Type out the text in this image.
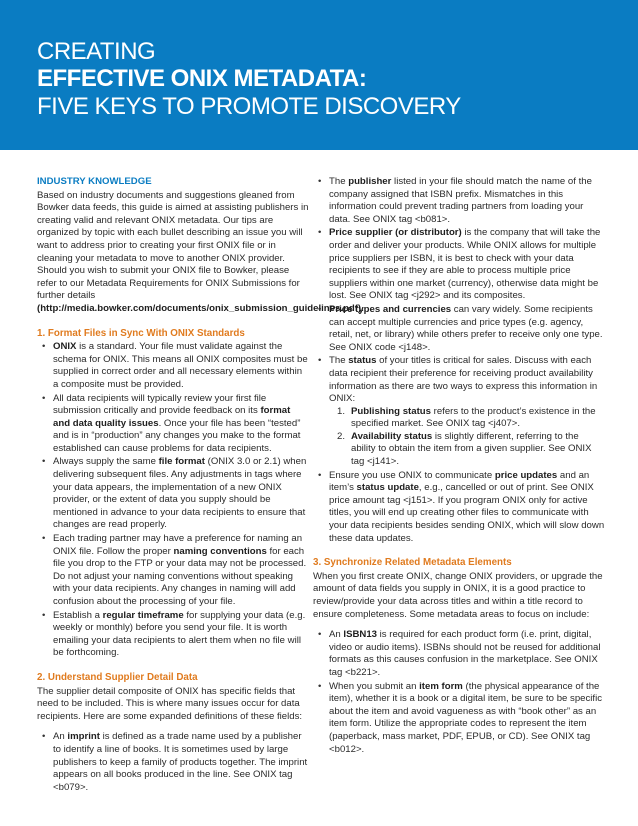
CREATING
EFFECTIVE ONIX METADATA:
FIVE KEYS TO PROMOTE DISCOVERY
INDUSTRY KNOWLEDGE

Based on industry documents and suggestions gleaned from Bowker data feeds, this guide is aimed at assisting publishers in creating valid and relevant ONIX metadata. Our tips are organized by topic with each bullet describing an issue you will want to address prior to creating your first ONIX file or in cleaning your metadata to move to another ONIX provider. Should you wish to submit your ONIX file to Bowker, please refer to our Metadata Requirements for ONIX Submissions for further details (http://media.bowker.com/documents/onix_submission_guidelines.pdf).

1. Format Files in Sync With ONIX Standards
• ONIX is a standard. Your file must validate against the schema for ONIX. This means all ONIX composites must be supplied in correct order and all necessary elements within a composite must be provided.
• All data recipients will typically review your first file submission critically and provide feedback on its format and data quality issues. Once your file has been “tested” and is in “production” any changes you make to the format established can cause problems for data recipients.
• Always supply the same file format (ONIX 3.0 or 2.1) when delivering subsequent files. Any adjustments in tags where your data appears, the implementation of a new ONIX provider, or the extent of data you supply should be mentioned in advance to your data recipients to ensure that changes are read properly.
• Each trading partner may have a preference for naming an ONIX file. Follow the proper naming conventions for each file you drop to the FTP or your data may not be processed. Do not adjust your naming conventions without speaking with your data recipients. Any changes in naming will add confusion about the processing of your file.
• Establish a regular timeframe for supplying your data (e.g. weekly or monthly) before you send your file. It is worth emailing your data recipients to alert them when no file will be forthcoming.
2. Understand Supplier Detail Data

The supplier detail composite of ONIX has specific fields that need to be included. This is where many issues occur for data recipients. Here are some expanded definitions of these fields:

• An imprint is defined as a trade name used by a publisher to identify a line of books. It is sometimes used by large publishers to keep a family of products together. The imprint appears on all books produced in the line. See ONIX tag <b079>.
• The publisher listed in your file should match the name of the company assigned that ISBN prefix. Mismatches in this information could prevent trading partners from loading your data. See ONIX tag <b081>.
• Price supplier (or distributor) is the company that will take the order and deliver your products. While ONIX allows for multiple price suppliers per ISBN, it is best to check with your data recipients to see if they are able to process multiple price suppliers within one market (currency), otherwise data might be lost. See ONIX tag <j292> and its composites.
• Price types and currencies can vary widely. Some recipients can accept multiple currencies and price types (e.g. agency, retail, net, or library) while others prefer to receive only one type. See ONIX code <j148>.
• The status of your titles is critical for sales. Discuss with each data recipient their preference for receiving product availability information as there are two ways to express this information in ONIX:
1. Publishing status refers to the product’s existence in the specified market. See ONIX tag <j407>.
2. Availability status is slightly different, referring to the ability to obtain the item from a given supplier. See ONIX tag <j141>.
• Ensure you use ONIX to communicate price updates and an item’s status update, e.g., cancelled or out of print. See ONIX price amount tag <j151>. If you program ONIX only for active titles, you will end up creating other files to communicate with your data recipients besides sending ONIX, which will slow down these data updates.
3. Synchronize Related Metadata Elements

When you first create ONIX, change ONIX providers, or upgrade the amount of data fields you supply in ONIX, it is a good practice to review/provide your data across titles and within a title record to ensure completeness. Some metadata areas to focus on include:

• An ISBN13 is required for each product form (i.e. print, digital, video or audio items). ISBNs should not be reused for additional formats as this causes confusion in the marketplace. See ONIX tag <b221>.
• When you submit an item form (the physical appearance of the item), whether it is a book or a digital item, be sure to be specific about the item and avoid vagueness as with “book other” as an item form. Utilize the appropriate codes to represent the item (paperback, mass market, PDF, EPUB, or CD). See ONIX tag <b012>.
